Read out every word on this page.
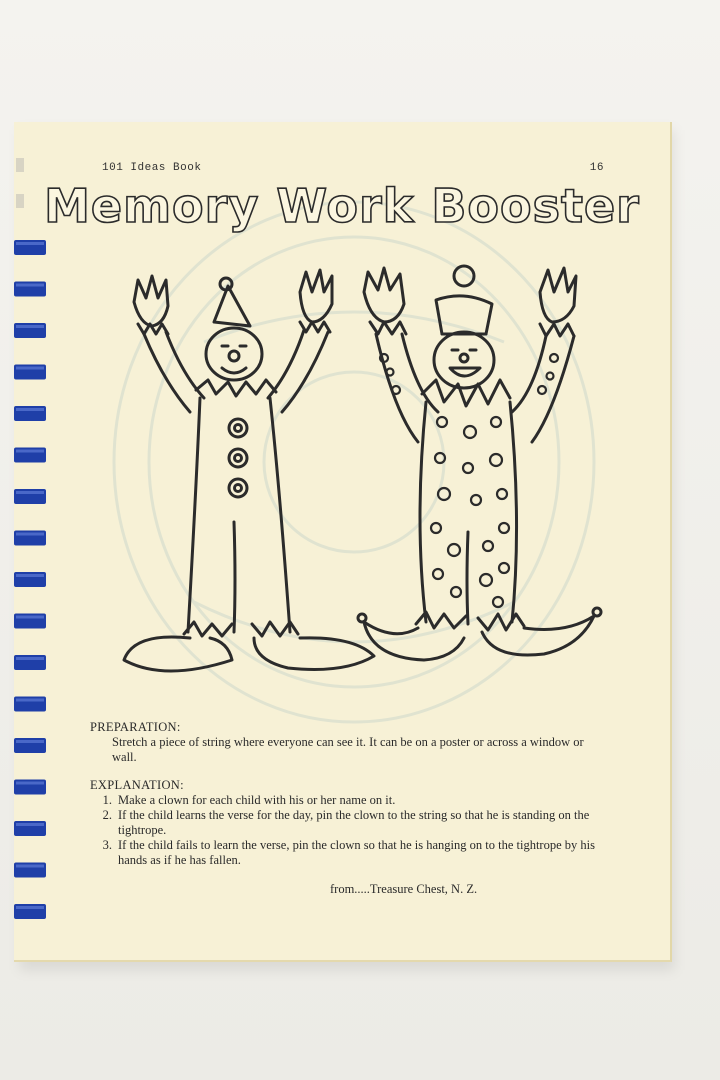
101 Ideas Book	16
Memory Work Booster
PREPARATION:
Stretch a piece of string where everyone can see it. It can be on a poster or across a window or wall.
EXPLANATION:
1. Make a clown for each child with his or her name on it.
2. If the child learns the verse for the day, pin the clown to the string so that he is standing on the tightrope.
3. If the child fails to learn the verse, pin the clown so that he is hanging on to the tightrope by his hands as if he has fallen.
from.....Treasure Chest, N. Z.
